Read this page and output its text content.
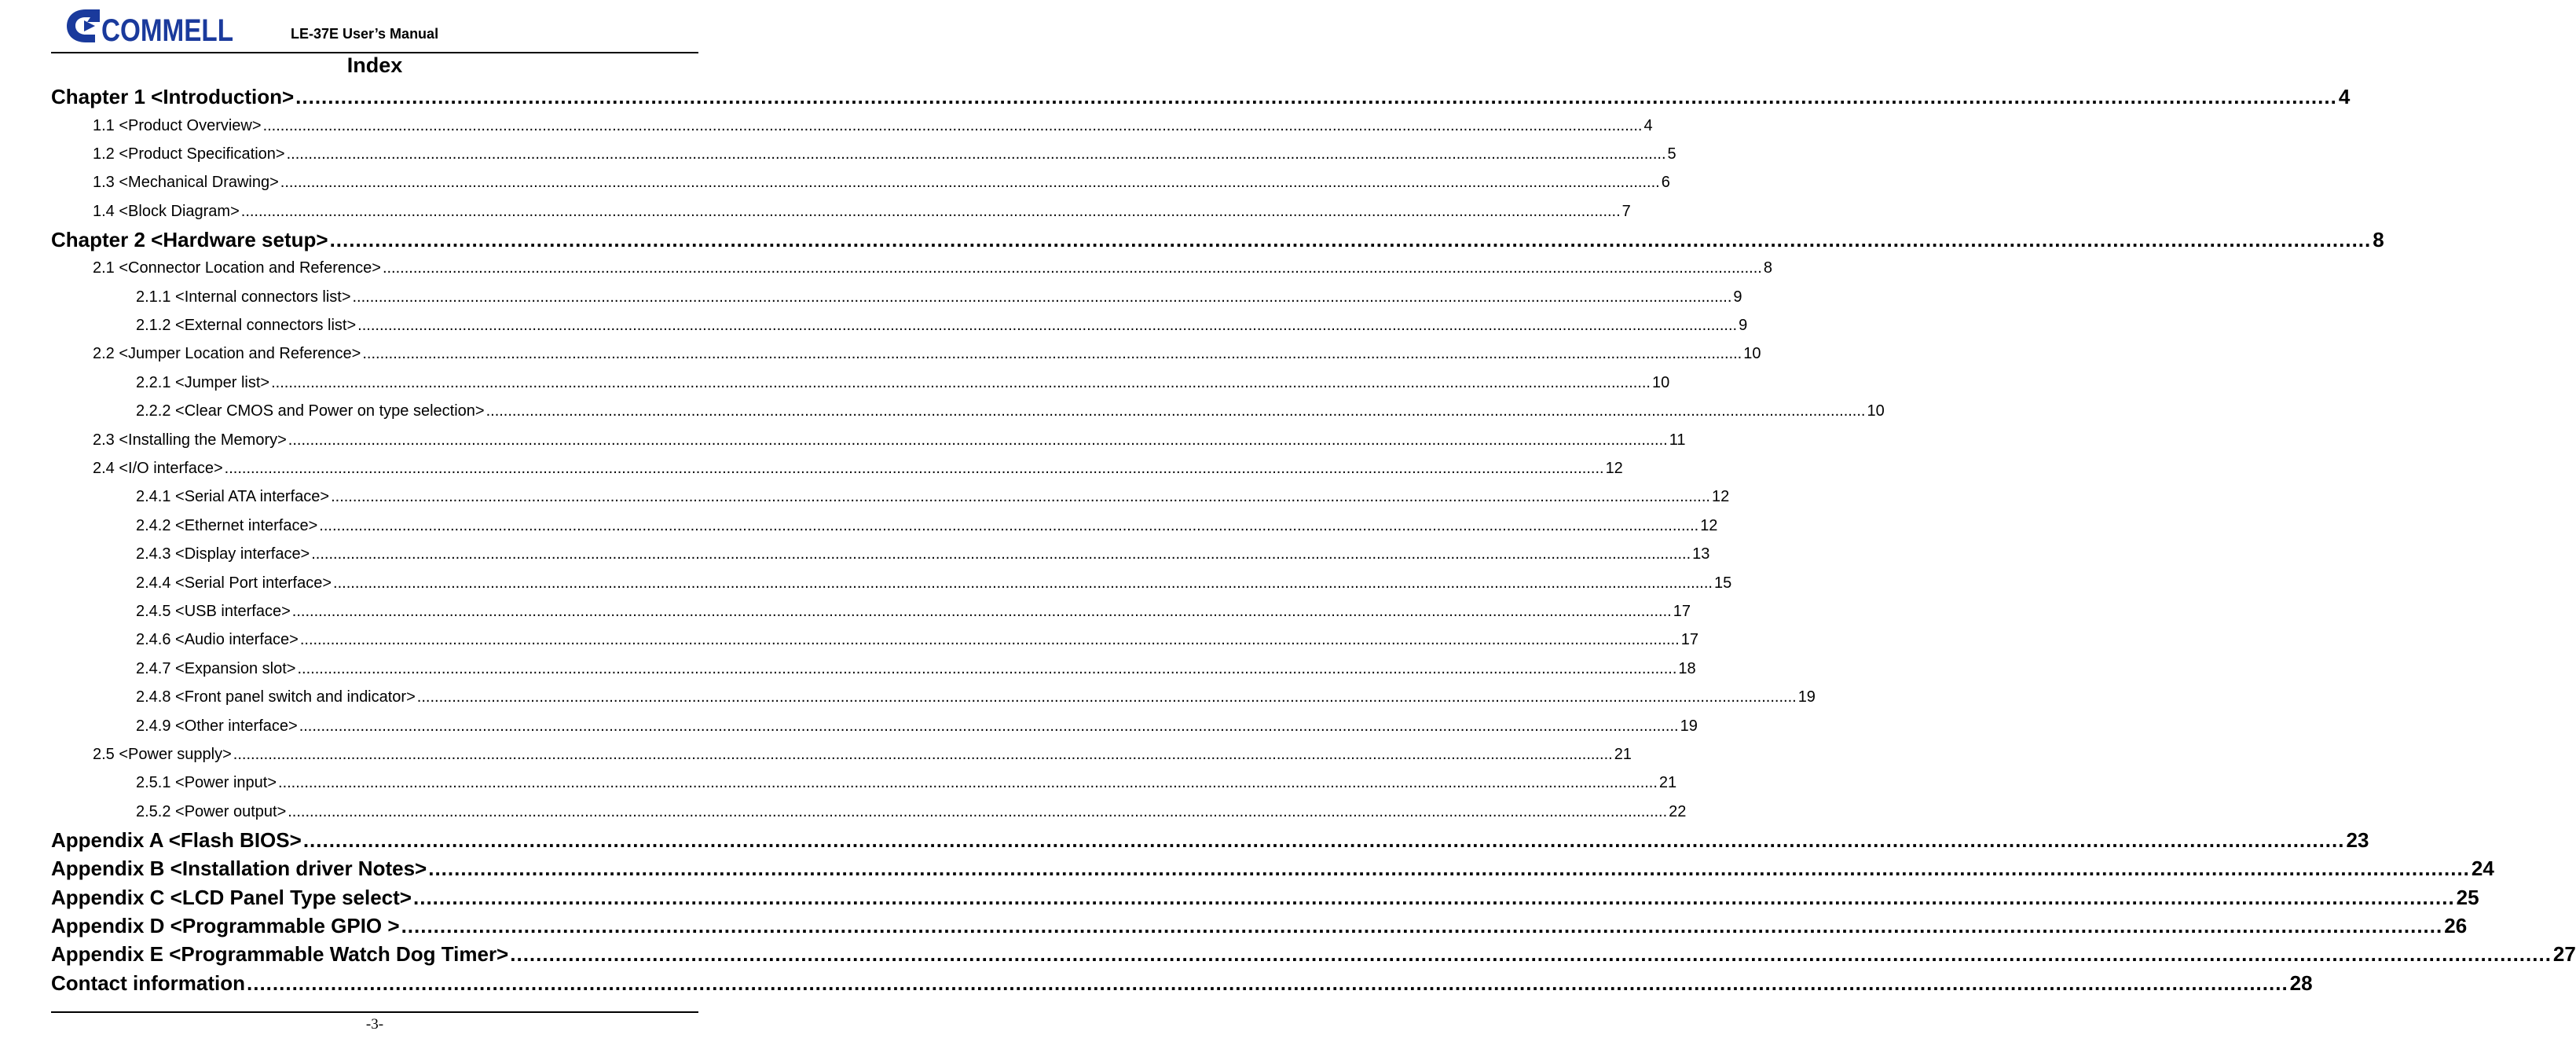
COMMELL	LE-37E User’s Manual
Index
Chapter 1 <Introduction> .....	4
1.1 <Product Overview> .....	4
1.2 <Product Specification> .....	5
1.3 <Mechanical Drawing> .....	6
1.4 <Block Diagram> .....	7
Chapter 2 <Hardware setup> .....	8
2.1 <Connector Location and Reference> .....	8
2.1.1 <Internal connectors list> .....	9
2.1.2 <External connectors list> .....	9
2.2 <Jumper Location and Reference> .....	10
2.2.1 <Jumper list> .....	10
2.2.2 <Clear CMOS and Power on type selection> .....	10
2.3 <Installing the Memory> .....	11
2.4 <I/O interface> .....	12
2.4.1 <Serial ATA interface> .....	12
2.4.2 <Ethernet interface> .....	12
2.4.3 <Display interface> .....	13
2.4.4 <Serial Port interface> .....	15
2.4.5 <USB interface> .....	17
2.4.6 <Audio interface> .....	17
2.4.7 <Expansion slot> .....	18
2.4.8 <Front panel switch and indicator> .....	19
2.4.9 <Other interface> .....	19
2.5 <Power supply> .....	21
2.5.1 <Power input> .....	21
2.5.2 <Power output> .....	22
Appendix A <Flash BIOS> .....	23
Appendix B <Installation driver Notes> .....	24
Appendix C <LCD Panel Type select> .....	25
Appendix D <Programmable GPIO > .....	26
Appendix E <Programmable Watch Dog Timer> .....	27
Contact information .....	28
-3-
